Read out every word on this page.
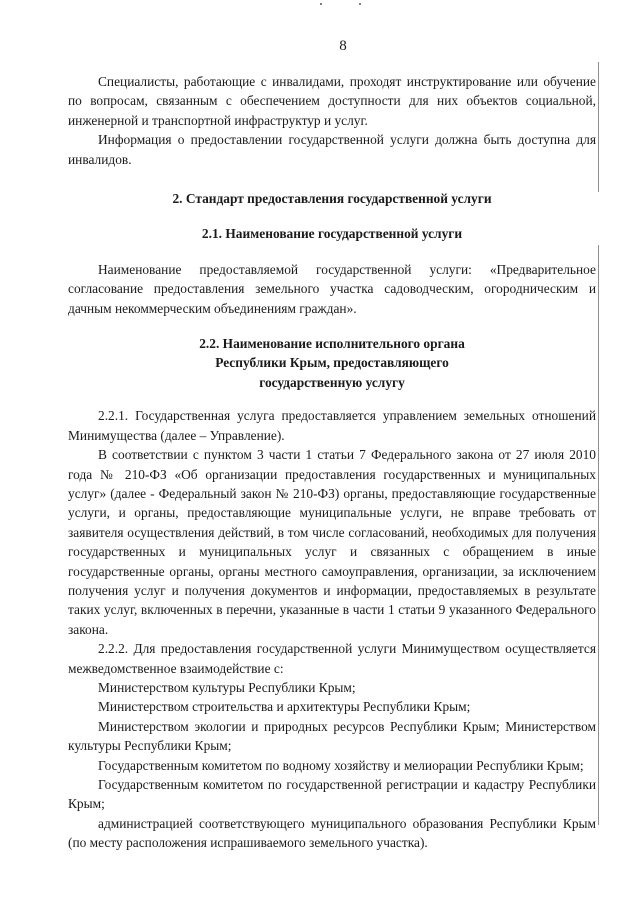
8

Специалисты, работающие с инвалидами, проходят инструктирование или обучение по вопросам, связанным с обеспечением доступности для них объектов социальной, инженерной и транспортной инфраструктур и услуг.

Информация о предоставлении государственной услуги должна быть доступна для инвалидов.

2. Стандарт предоставления государственной услуги

2.1. Наименование государственной услуги

Наименование предоставляемой государственной услуги: «Предварительное согласование предоставления земельного участка садоводческим, огородническим и дачным некоммерческим объединениям граждан».

2.2. Наименование исполнительного органа

Республики Крым, предоставляющего

государственную услугу

2.2.1. Государственная услуга предоставляется управлением земельных отношений Минимущества (далее – Управление).

В соответствии с пунктом 3 части 1 статьи 7 Федерального закона от 27 июля 2010 года № 210-ФЗ «Об организации предоставления государственных и муниципальных услуг» (далее - Федеральный закон № 210-ФЗ) органы, предоставляющие государственные услуги, и органы, предоставляющие муниципальные услуги, не вправе требовать от заявителя осуществления действий, в том числе согласований, необходимых для получения государственных и муниципальных услуг и связанных с обращением в иные государственные органы, органы местного самоуправления, организации, за исключением получения услуг и получения документов и информации, предоставляемых в результате таких услуг, включенных в перечни, указанные в части 1 статьи 9 указанного Федерального закона.

2.2.2. Для предоставления государственной услуги Минимуществом осуществляется межведомственное взаимодействие с:

Министерством культуры Республики Крым;

Министерством строительства и архитектуры Республики Крым;

Министерством экологии и природных ресурсов Республики Крым; Министерством культуры Республики Крым;

Государственным комитетом по водному хозяйству и мелиорации Республики Крым;

Государственным комитетом по государственной регистрации и кадастру Республики Крым;

администрацией соответствующего муниципального образования Республики Крым (по месту расположения испрашиваемого земельного участка).
